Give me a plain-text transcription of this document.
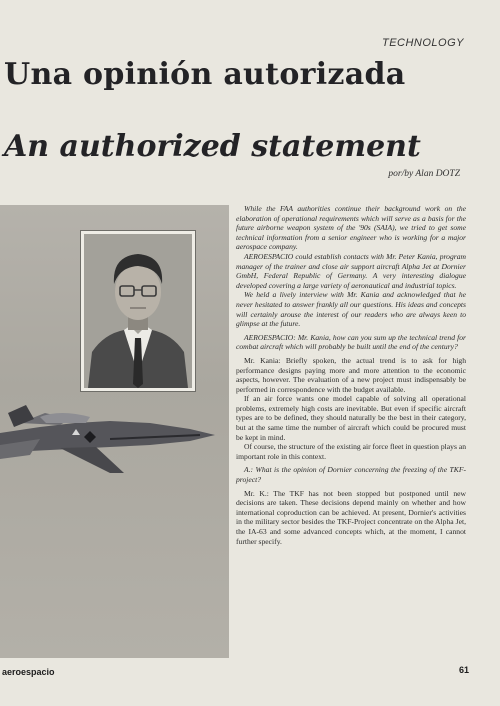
TECHNOLOGY
Una opinión autorizada
An authorized statement
por/by Alan DOTZ

While the FAA authorities continue their background work on the elaboration of operational requirements which will serve as a basis for the future airborne weapon system of the '90s (SAIA), we tried to get some technical information from a senior engineer who is working for a major aerospace company.

AEROESPACIO could establish contacts with Mr. Peter Kania, program manager of the trainer and close air support aircraft Alpha Jet at Dornier GmbH, Federal Republic of Germany. A very interesting dialogue developed covering a large variety of aeronautical and industrial topics.

We held a lively interview with Mr. Kania and acknowledged that he never hesitated to answer frankly all our questions. His ideas and concepts will certainly arouse the interest of our readers who are always keen to glimpse at the future.

AEROESPACIO: Mr. Kania, how can you sum up the technical trend for combat aircraft which will probably be built until the end of the century?

Mr. Kania: Briefly spoken, the actual trend is to ask for high performance designs paying more and more attention to the economic aspects, however. The evaluation of a new project must indispensably be performed in correspondence with the budget available.

If an air force wants one model capable of solving all operational problems, extremely high costs are inevitable. But even if specific aircraft types are to be defined, they should naturally be the best in their category, but at the same time the number of aircraft which could be procured must be kept in mind.

Of course, the structure of the existing air force fleet in question plays an important role in this context.

A.: What is the opinion of Dornier concerning the freezing of the TKF-project?

Mr. K.: The TKF has not been stopped but postponed until new decisions are taken. These decisions depend mainly on whether and how international coproduction can be achieved. At present, Dornier's activities in the military sector besides the TKF-Project concentrate on the Alpha Jet, the IA-63 and some advanced concepts which, at the moment, I cannot further specify.

aeroespacio	61
